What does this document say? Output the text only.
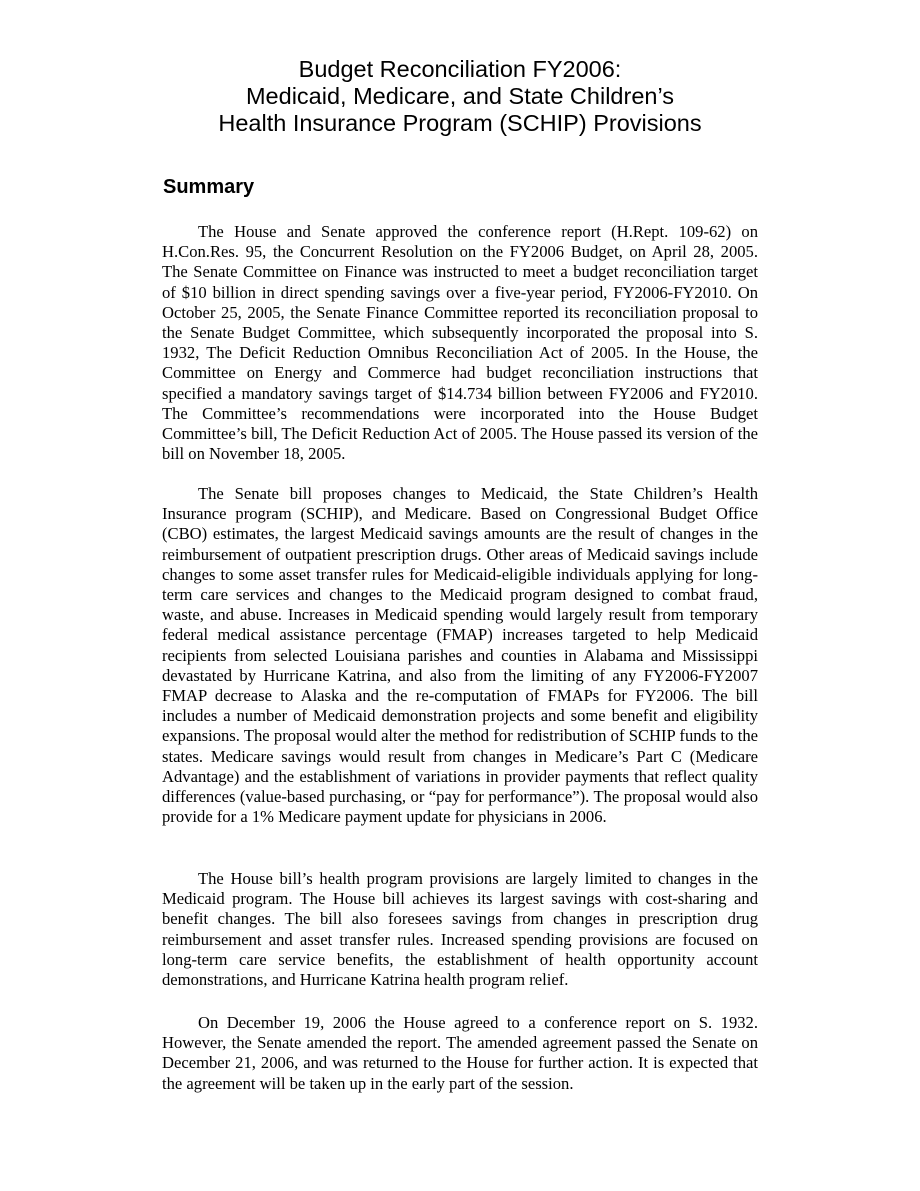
Budget Reconciliation FY2006:
Medicaid, Medicare, and State Children’s
Health Insurance Program (SCHIP) Provisions
Summary

The House and Senate approved the conference report (H.Rept. 109-62) on H.Con.Res. 95, the Concurrent Resolution on the FY2006 Budget, on April 28, 2005. The Senate Committee on Finance was instructed to meet a budget reconciliation target of $10 billion in direct spending savings over a five-year period, FY2006-FY2010. On October 25, 2005, the Senate Finance Committee reported its reconciliation proposal to the Senate Budget Committee, which subsequently incorporated the proposal into S. 1932, The Deficit Reduction Omnibus Reconciliation Act of 2005. In the House, the Committee on Energy and Commerce had budget reconciliation instructions that specified a mandatory savings target of $14.734 billion between FY2006 and FY2010. The Committee’s recommendations were incorporated into the House Budget Committee’s bill, The Deficit Reduction Act of 2005. The House passed its version of the bill on November 18, 2005.

The Senate bill proposes changes to Medicaid, the State Children’s Health Insurance program (SCHIP), and Medicare. Based on Congressional Budget Office (CBO) estimates, the largest Medicaid savings amounts are the result of changes in the reimbursement of outpatient prescription drugs. Other areas of Medicaid savings include changes to some asset transfer rules for Medicaid-eligible individuals applying for long-term care services and changes to the Medicaid program designed to combat fraud, waste, and abuse. Increases in Medicaid spending would largely result from temporary federal medical assistance percentage (FMAP) increases targeted to help Medicaid recipients from selected Louisiana parishes and counties in Alabama and Mississippi devastated by Hurricane Katrina, and also from the limiting of any FY2006-FY2007 FMAP decrease to Alaska and the re-computation of FMAPs for FY2006. The bill includes a number of Medicaid demonstration projects and some benefit and eligibility expansions. The proposal would alter the method for redistribution of SCHIP funds to the states. Medicare savings would result from changes in Medicare’s Part C (Medicare Advantage) and the establishment of variations in provider payments that reflect quality differences (value-based purchasing, or “pay for performance”). The proposal would also provide for a 1% Medicare payment update for physicians in 2006.

The House bill’s health program provisions are largely limited to changes in the Medicaid program. The House bill achieves its largest savings with cost-sharing and benefit changes. The bill also foresees savings from changes in prescription drug reimbursement and asset transfer rules. Increased spending provisions are focused on long-term care service benefits, the establishment of health opportunity account demonstrations, and Hurricane Katrina health program relief.

On December 19, 2006 the House agreed to a conference report on S. 1932. However, the Senate amended the report. The amended agreement passed the Senate on December 21, 2006, and was returned to the House for further action. It is expected that the agreement will be taken up in the early part of the session.
